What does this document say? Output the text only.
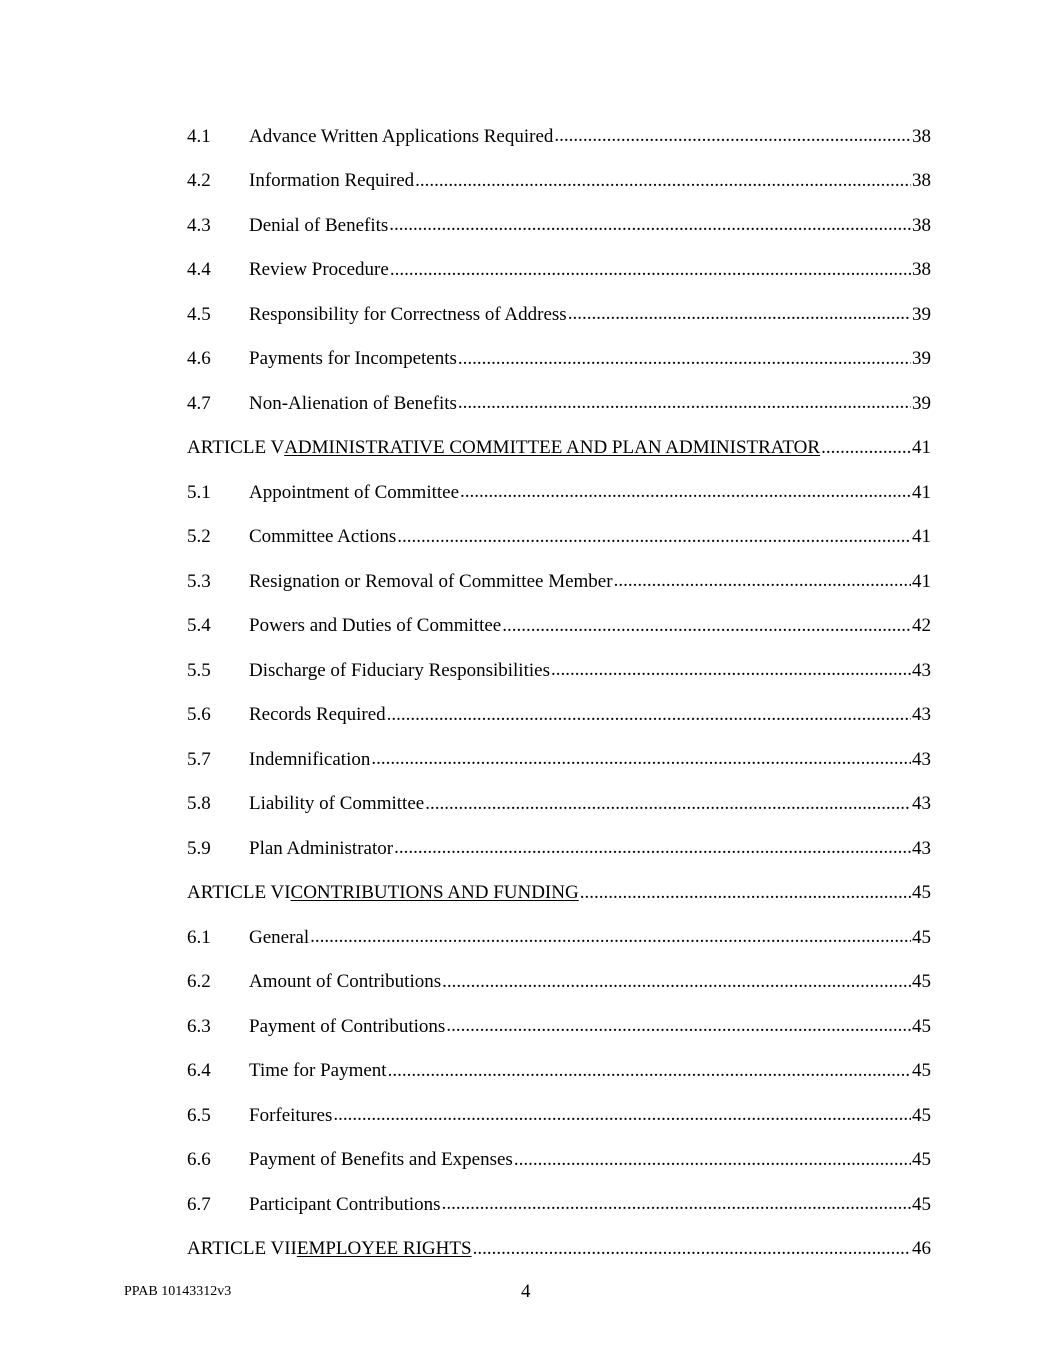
4.1	Advance Written Applications Required .....	38
4.2	Information Required .....	38
4.3	Denial of Benefits .....	38
4.4	Review Procedure .....	38
4.5	Responsibility for Correctness of Address .....	39
4.6	Payments for Incompetents .....	39
4.7	Non-Alienation of Benefits .....	39
ARTICLE V ADMINISTRATIVE COMMITTEE AND PLAN ADMINISTRATOR .....	41
5.1	Appointment of Committee .....	41
5.2	Committee Actions .....	41
5.3	Resignation or Removal of Committee Member .....	41
5.4	Powers and Duties of Committee .....	42
5.5	Discharge of Fiduciary Responsibilities .....	43
5.6	Records Required .....	43
5.7	Indemnification .....	43
5.8	Liability of Committee .....	43
5.9	Plan Administrator .....	43
ARTICLE VI CONTRIBUTIONS AND FUNDING .....	45
6.1	General .....	45
6.2	Amount of Contributions .....	45
6.3	Payment of Contributions .....	45
6.4	Time for Payment .....	45
6.5	Forfeitures .....	45
6.6	Payment of Benefits and Expenses .....	45
6.7	Participant Contributions .....	45
ARTICLE VII EMPLOYEE RIGHTS .....	46
PPAB 10143312v3	4
